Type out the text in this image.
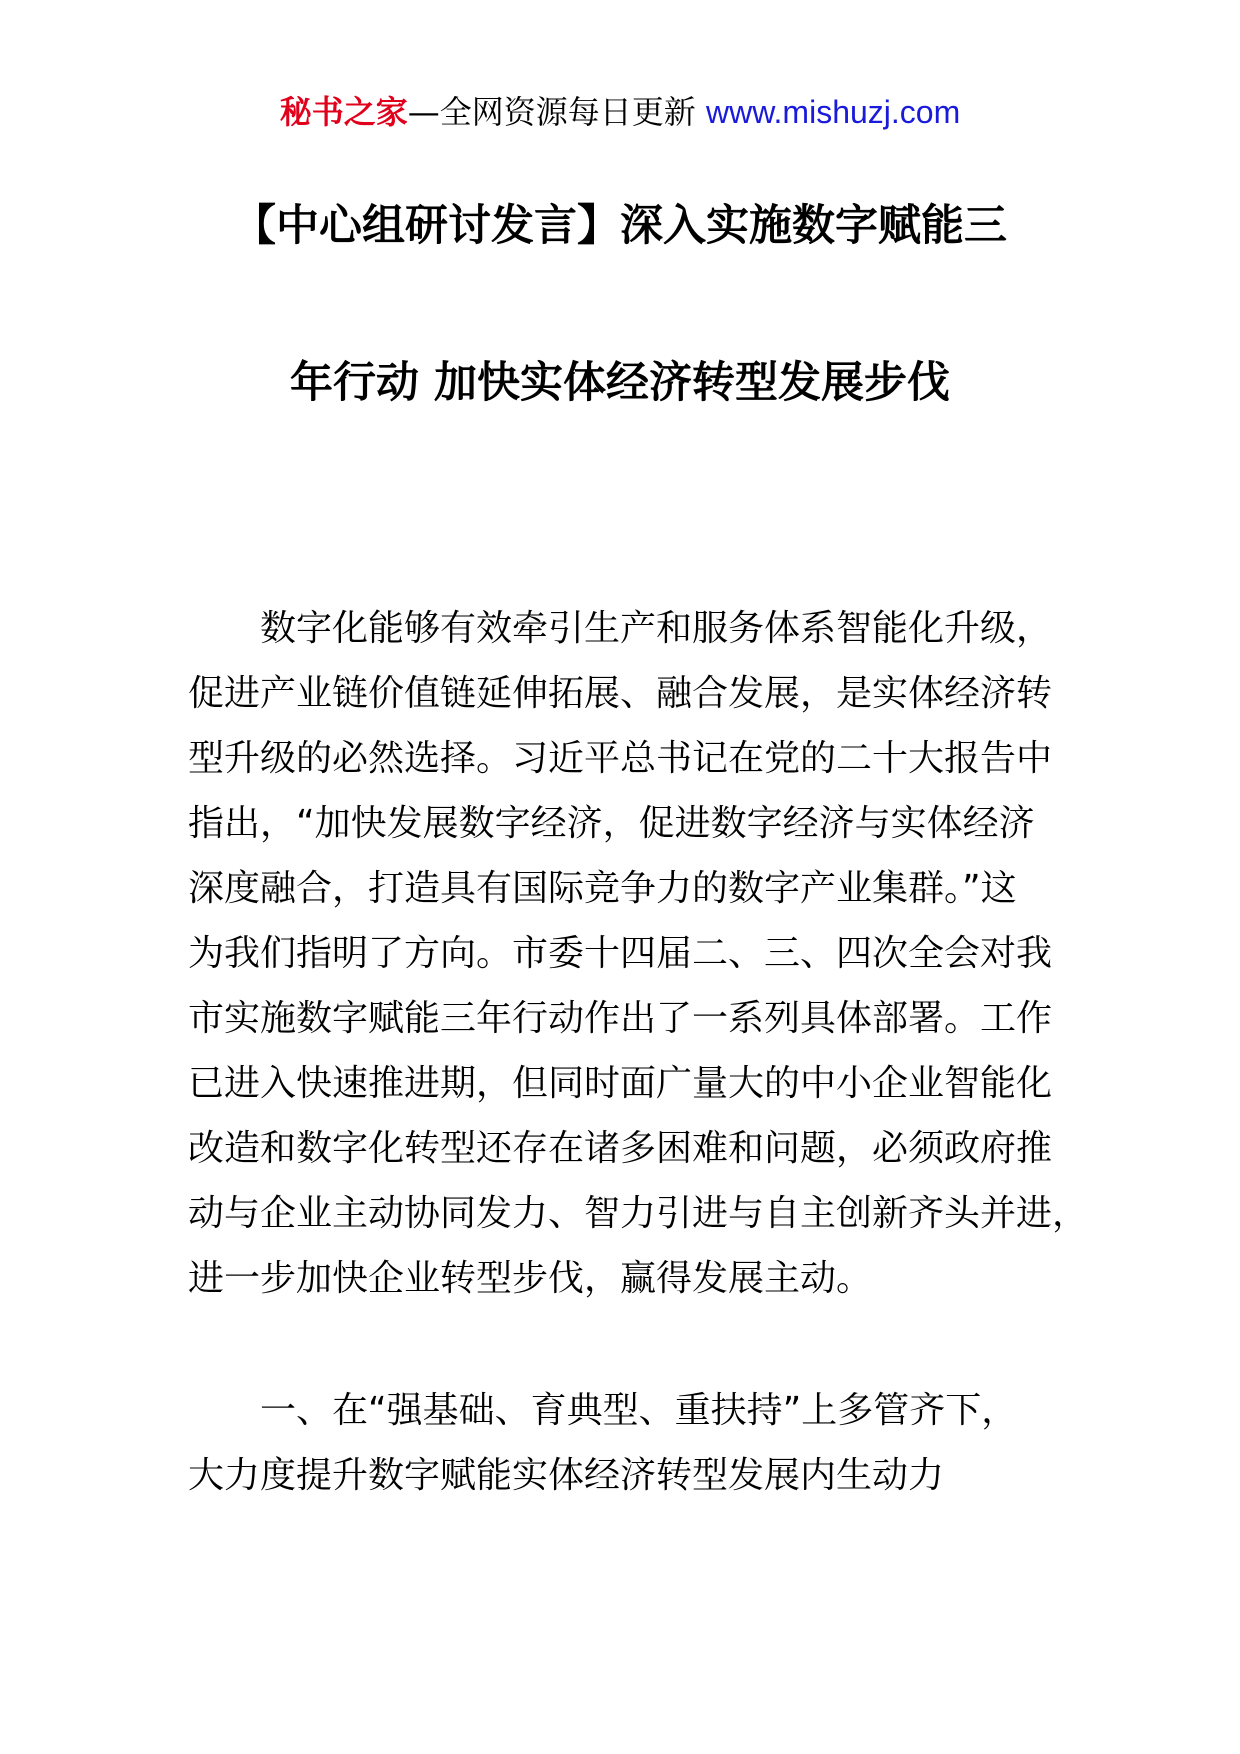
秘书之家—全网资源每日更新 www.mishuzj.com
【中心组研讨发言】深入实施数字赋能三
年行动 加快实体经济转型发展步伐
数字化能够有效牵引生产和服务体系智能化升级，
促进产业链价值链延伸拓展、融合发展，是实体经济转
型升级的必然选择。习近平总书记在党的二十大报告中
指出，“加快发展数字经济，促进数字经济与实体经济
深度融合，打造具有国际竞争力的数字产业集群。”这
为我们指明了方向。市委十四届二、三、四次全会对我
市实施数字赋能三年行动作出了一系列具体部署。工作
已进入快速推进期，但同时面广量大的中小企业智能化
改造和数字化转型还存在诸多困难和问题，必须政府推
动与企业主动协同发力、智力引进与自主创新齐头并进，
进一步加快企业转型步伐，赢得发展主动。
一、在“强基础、育典型、重扶持”上多管齐下，
大力度提升数字赋能实体经济转型发展内生动力
